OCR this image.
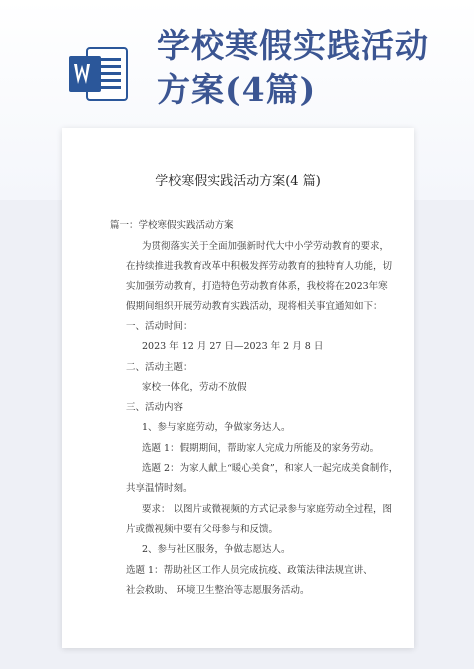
学校寒假实践活动
方案(4篇)
学校寒假实践活动方案(4 篇)
篇一：学校寒假实践活动方案
为贯彻落实关于全面加强新时代大中小学劳动教育的要求，
在持续推进我教育改革中积极发挥劳动教育的独特育人功能，切
实加强劳动教育，打造特色劳动教育体系，我校将在2023年寒
假期间组织开展劳动教育实践活动，现将相关事宜通知如下：
一、活动时间：
2023 年 12 月 27 日—2023 年 2 月 8 日
二、活动主题：
家校一体化，劳动不放假
三、活动内容
1、参与家庭劳动，争做家务达人。
选题 1：假期期间，帮助家人完成力所能及的家务劳动。
选题 2：为家人献上“暖心美食”，和家人一起完成美食制作，
共享温情时刻。
要求： 以图片或微视频的方式记录参与家庭劳动全过程，图
片或微视频中要有父母参与和反馈。
2、参与社区服务，争做志愿达人。
选题 1：帮助社区工作人员完成抗疫、政策法律法规宣讲、
社会救助、 环境卫生整治等志愿服务活动。
